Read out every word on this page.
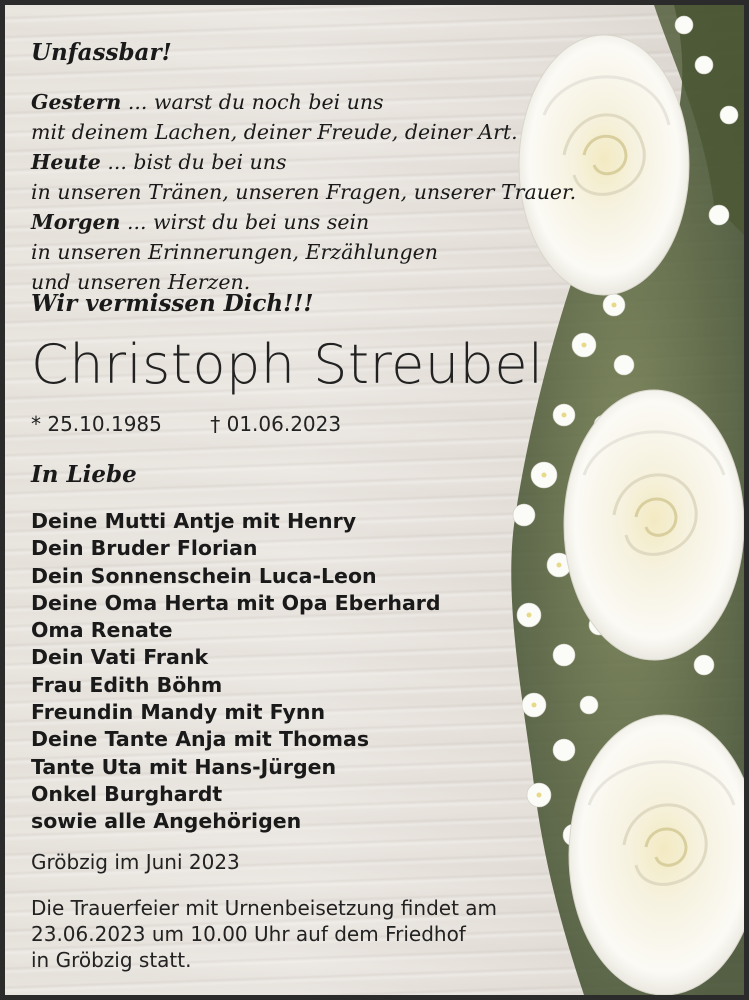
Unfassbar!
Gestern ... warst du noch bei uns
mit deinem Lachen, deiner Freude, deiner Art.
Heute ... bist du bei uns
in unseren Tränen, unseren Fragen, unserer Trauer.
Morgen ... wirst du bei uns sein
in unseren Erinnerungen, Erzählungen
und unseren Herzen.
Wir vermissen Dich!!!
Christoph Streubel
* 25.10.1985 † 01.06.2023
In Liebe
Deine Mutti Antje mit Henry
Dein Bruder Florian
Dein Sonnenschein Luca-Leon
Deine Oma Herta mit Opa Eberhard
Oma Renate
Dein Vati Frank
Frau Edith Böhm
Freundin Mandy mit Fynn
Deine Tante Anja mit Thomas
Tante Uta mit Hans-Jürgen
Onkel Burghardt
sowie alle Angehörigen
Gröbzig im Juni 2023
Die Trauerfeier mit Urnenbeisetzung findet am
23.06.2023 um 10.00 Uhr auf dem Friedhof
in Gröbzig statt.
